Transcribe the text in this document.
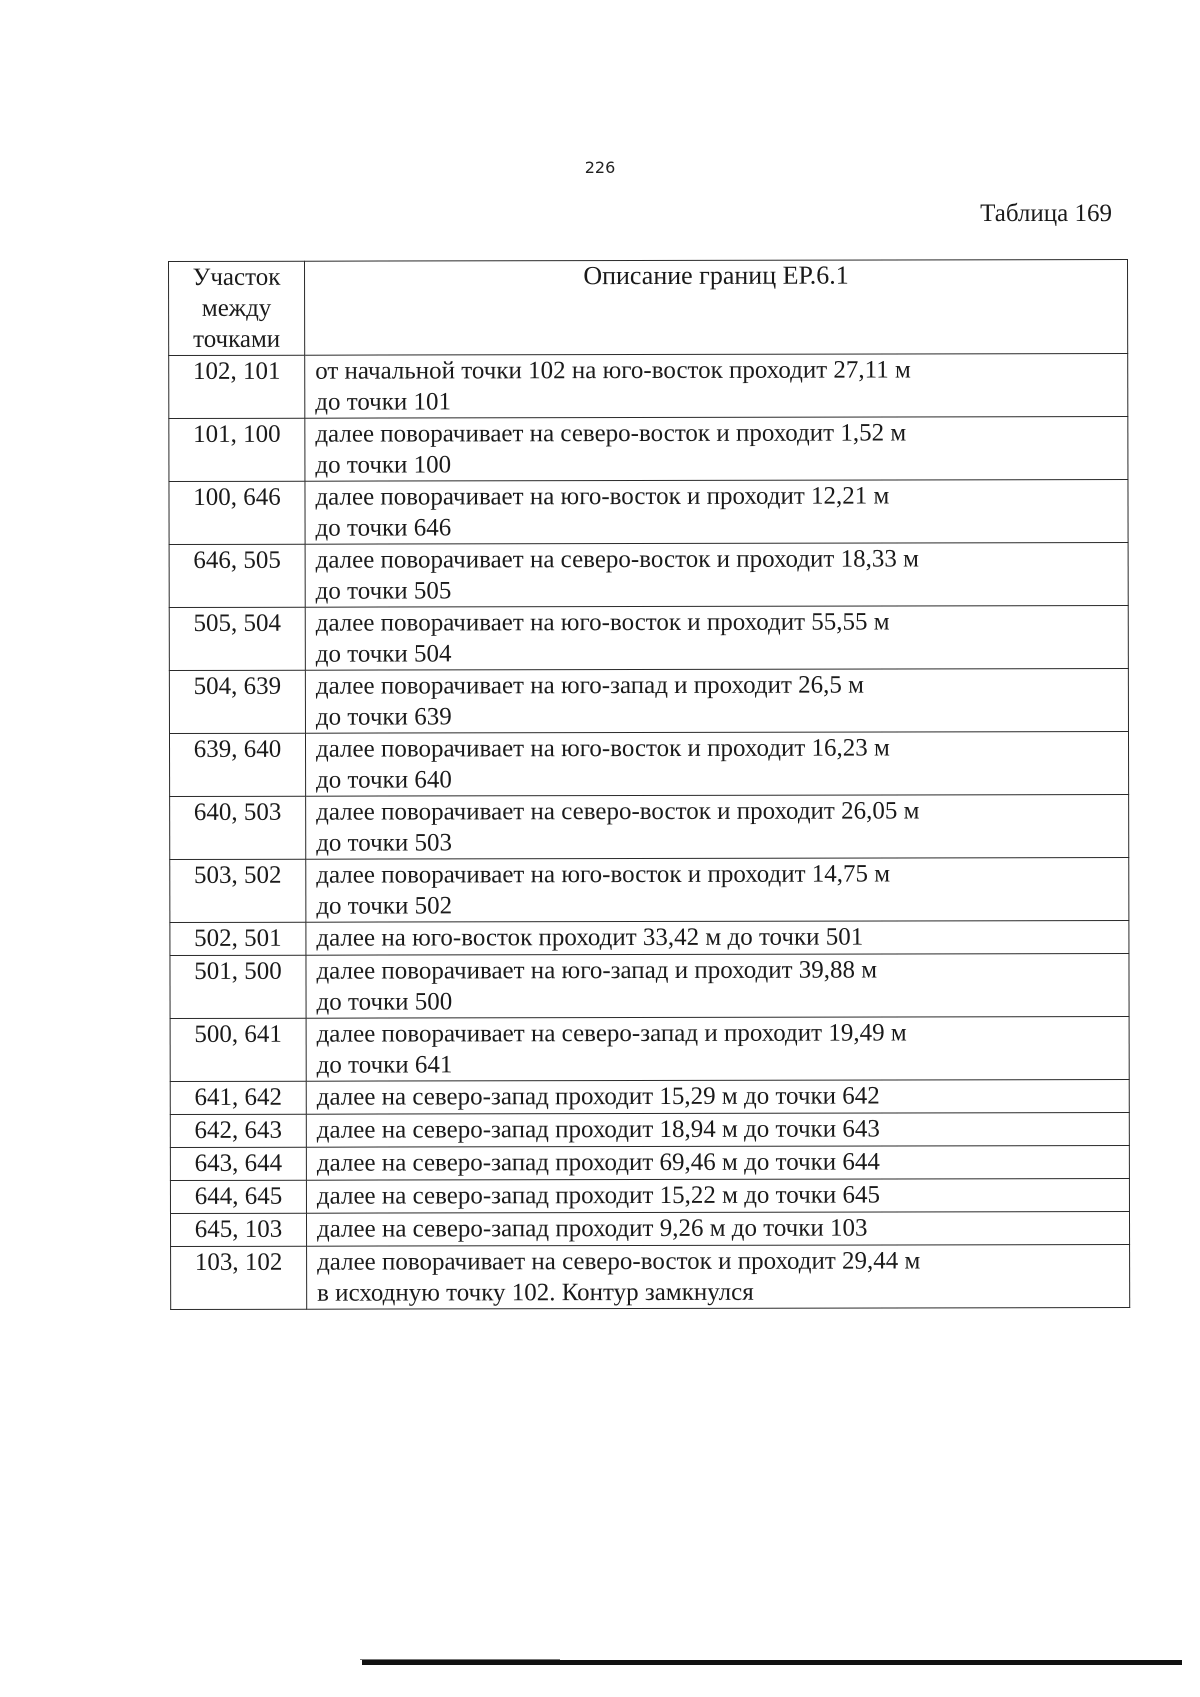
226
Таблица 169
Участок
между
точками	Описание границ ЕР.6.1
102, 101	от начальной точки 102 на юго-восток проходит 27,11 м
до точки 101
101, 100	далее поворачивает на северо-восток и проходит 1,52 м
до точки 100
100, 646	далее поворачивает на юго-восток и проходит 12,21 м
до точки 646
646, 505	далее поворачивает на северо-восток и проходит 18,33 м
до точки 505
505, 504	далее поворачивает на юго-восток и проходит 55,55 м
до точки 504
504, 639	далее поворачивает на юго-запад и проходит 26,5 м
до точки 639
639, 640	далее поворачивает на юго-восток и проходит 16,23 м
до точки 640
640, 503	далее поворачивает на северо-восток и проходит 26,05 м
до точки 503
503, 502	далее поворачивает на юго-восток и проходит 14,75 м
до точки 502
502, 501	далее на юго-восток проходит 33,42 м до точки 501
501, 500	далее поворачивает на юго-запад и проходит 39,88 м
до точки 500
500, 641	далее поворачивает на северо-запад и проходит 19,49 м
до точки 641
641, 642	далее на северо-запад проходит 15,29 м до точки 642
642, 643	далее на северо-запад проходит 18,94 м до точки 643
643, 644	далее на северо-запад проходит 69,46 м до точки 644
644, 645	далее на северо-запад проходит 15,22 м до точки 645
645, 103	далее на северо-запад проходит 9,26 м до точки 103
103, 102	далее поворачивает на северо-восток и проходит 29,44 м
в исходную точку 102. Контур замкнулся
